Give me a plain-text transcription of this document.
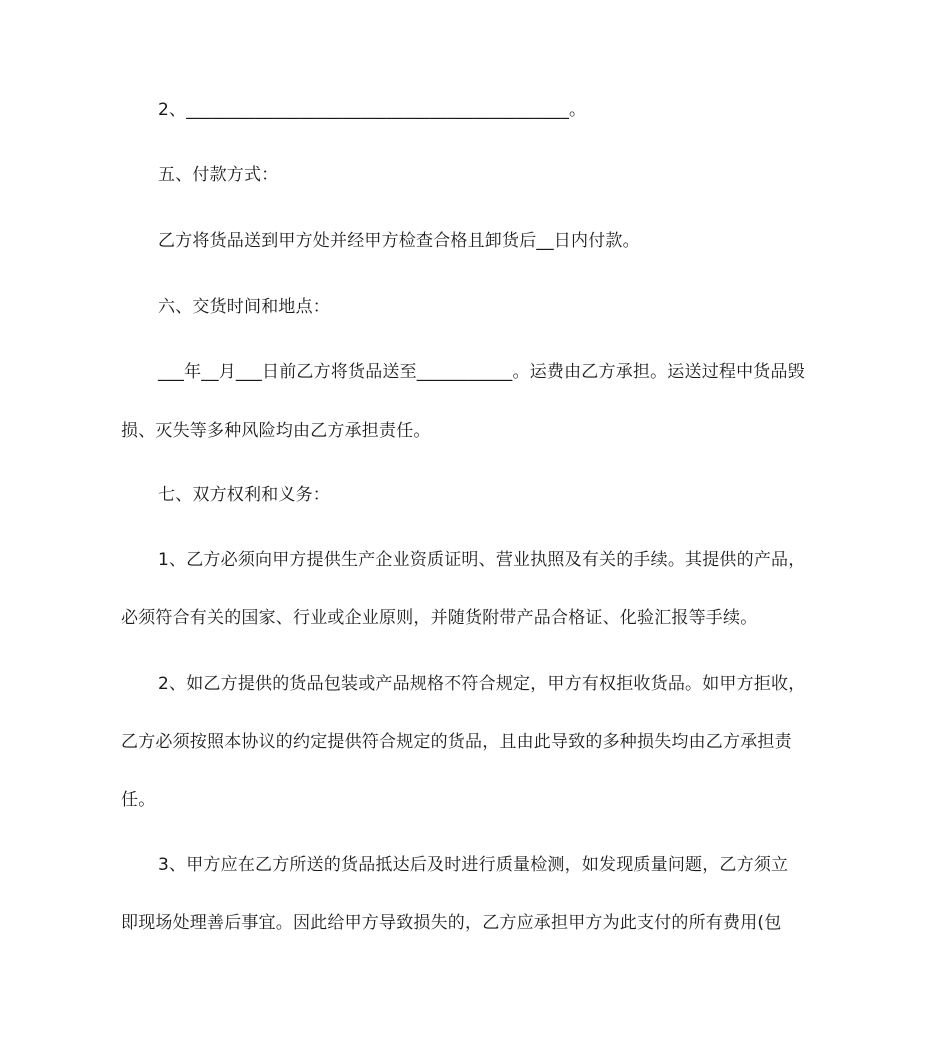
2、____________________________________________。
五、付款方式：
乙方将货品送到甲方处并经甲方检查合格且卸货后__日内付款。
六、交货时间和地点：
___年__月___日前乙方将货品送至___________。运费由乙方承担。运送过程中货品毁
损、灭失等多种风险均由乙方承担责任。
七、双方权利和义务：
1、乙方必须向甲方提供生产企业资质证明、营业执照及有关的手续。其提供的产品，
必须符合有关的国家、行业或企业原则，并随货附带产品合格证、化验汇报等手续。
2、如乙方提供的货品包装或产品规格不符合规定，甲方有权拒收货品。如甲方拒收，
乙方必须按照本协议的约定提供符合规定的货品，且由此导致的多种损失均由乙方承担责
任。
3、甲方应在乙方所送的货品抵达后及时进行质量检测，如发现质量问题，乙方须立
即现场处理善后事宜。因此给甲方导致损失的，乙方应承担甲方为此支付的所有费用(包
